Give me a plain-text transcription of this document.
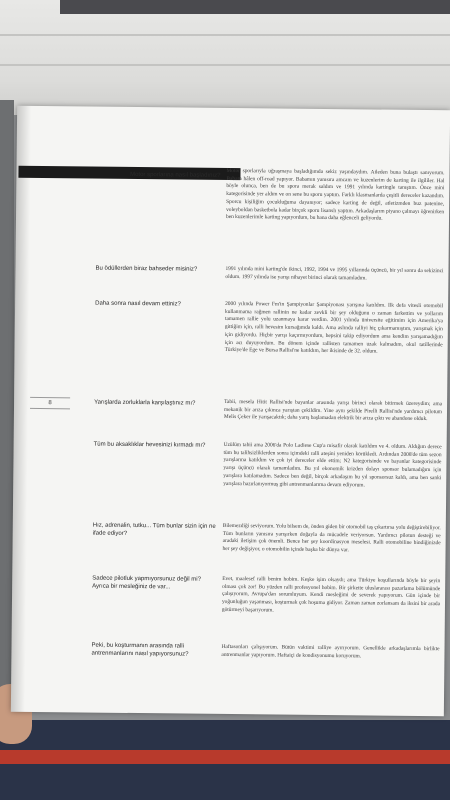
8
Motor sporlarına nasıl başladınız? Motor sporlarıyla uğraşmaya başladığımda sekiz yaşındaydım. Aileden buna bulaştı sanıyorum. Babam hâlen off-road yapıyor. Babamın yanısıra amcam ve kuzenlerim de karting ile ilgililer. Hal böyle olunca, ben de bu spora merak saldım ve 1991 yılında kartingle tanıştım. Önce mini kategorisinde yer aldım ve on sene bu sporu yaptım. Farklı klasmanlarda çeşitli dereceler kazandım. Sporcu kişiliğim çocukluğuma dayanıyor; sadece karting de değil, atletizmden buz patenine, voleyboldan basketbola kadar birçok sporu lisanslı yaptım. Arkadaşlarım piyano çalmayı öğrenirken ben kuzenlerimle karting yapıyordum, bu hana daha eğlenceli geliyordu.
Bu ödüllerden biraz bahseder misiniz?	1991 yılında mini karting'de ikinci, 1992, 1994 ve 1995 yıllarında üçüncü, bir yıl sonra da sekizinci oldum. 1997 yılında ise yarışı nihayet birinci olarak tamamladım.
Daha sonra nasıl devam ettiniz?	2000 yılında Power Fm'in Şampiyonlar Şampiyonası yarışına katıldım. İlk defa vitesli otomobil kullanmama rağmen rallinin ne kadar zevkli bir şey olduğunu o zaman farkettim ve yollarım tamamen rallie yolu uzanmaya karar verdim. 2001 yılında üniversite eğitimim için Amerika'ya gittiğim için, ralli hevesim kursağımda kaldı. Ama aslında ralliyi hiç çıkarmamıştım, yarışmak için için gidiyordu. Hiçbir yarışı kaçırmıyordum, hepsini takip ediyordum ama kendim yarışamadığım için acı duyuyordum. Bu dönem içinde rallisten tamamen uzak kalmadım, okul tatillerinde Türkiye'de Ege ve Bursa Rallisi'ne katıldım, her ikisinde de 32. oldum.
Yarışlarda zorluklarla karşılaştınız mı?	Tabii, mesela Hitit Rallisi'nde bayanlar arasında yarışı birinci olarak bitirmek üzereydim; ama mekanik bir arıza çıkınca yarıştan çekildim. Yine aynı şekilde Pirelli Rallisi'nde yardımcı pilotum Melis Çeker ile yarışacaktık; daha yarış başlamadan elektrik bir arıza çıktı ve abandone olduk.
Tüm bu aksaklıklar hevesinizi kırmadı mı?	Üzülüm tabii ama 2006'da Polo Ladiese Cup'a misafir olarak katıldım ve 4. oldum. Aldığım derece tüm bu talihsizliklerden sonra içimdeki ralli ateşini yeniden körükledi. Ardından 2008'de tüm sezon yarışlarına katıldım ve çok iyi dereceler elde ettim; N2 kategorisinde ve bayanlar kategorisinde yarışı üçüncü olarak tamamladım. Bu yıl ekonomik krizden dolayı sponsor bulamadığım için yarışlara katılamadım. Sadece ben değil, birçok arkadaşım bu yıl sponsorsuz kaldı, ama ben sanki yarışlara hazırlanıyormuş gibi antrenmanlarıma devam ediyorum.
Hız, adrenalin, tutku... Tüm bunlar sizin için ne ifade ediyor?
Bilemezdiği seviyorum. Yolu bilsem de, önden giden bir otomobil taş çıkartırsa yolu değiştirebiliyor. Tüm bunların yanısıra yarışırken doğayla da mücadele veriyorsun. Yardımcı pilotun desteği ve aradaki iletişim çok önemli. Bence her şey koordinasyon meselesi. Ralli otomobiline bindiğinizde her şey değişiyor, o otomobilin içinde başka bir dünya var.
Sadece pilotluk yapmıyorsunuz değil mi? Ayrıca bir mesleğiniz de var...
Evet, maalesef ralli benim hobim. Keşke işim olsaydı; ama Türkiye koşullarında böyle bir şeyin olması çok zor! Bu yüzden ralli profesyonel hobim. Bir şirkette uluslararası pazarlama bölümünde çalışıyorum, Avrupa'dan sorumluyum. Kendi mesleğimi de severek yapıyorum. Gün içinde bir yoğunluğun yaşanması, koşturmak çok hoşuma gidiyor. Zaman zaman zorlansam da iksini bir arada götürmeyi başarıyorum.
Peki, bu koşturmanın arasında ralli antrenmanlarını nasıl yapıyorsunuz?
Haftasonları çalışıyorum. Bütün vaktimi ralliye ayırıyorum. Genellikle arkadaşlarımla birlikte antrenmanlar yapıyorum. Haftaiçi de kondisyonumu koruyorum.
